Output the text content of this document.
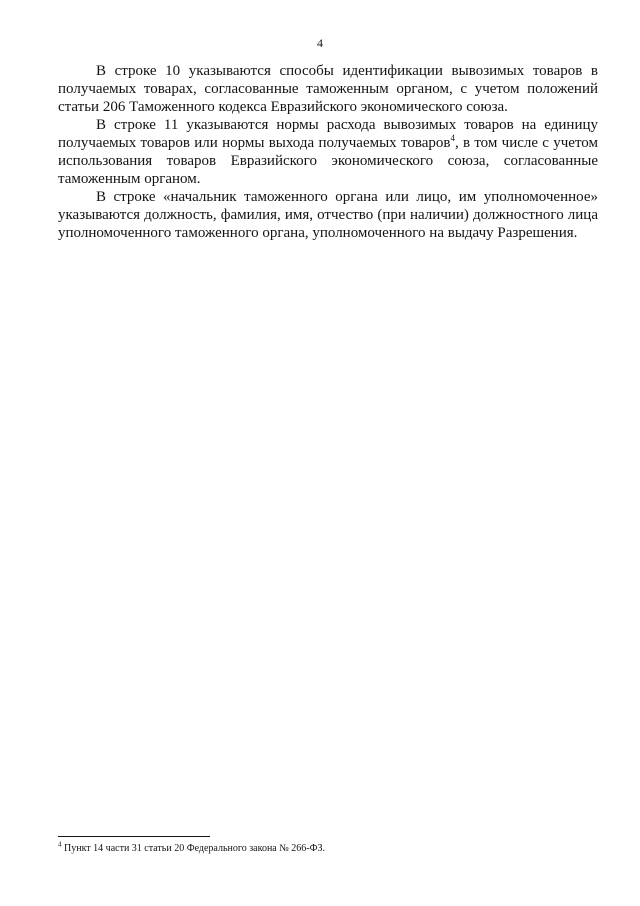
4

В строке 10 указываются способы идентификации вывозимых товаров в получаемых товарах, согласованные таможенным органом, с учетом положений статьи 206 Таможенного кодекса Евразийского экономического союза.

В строке 11 указываются нормы расхода вывозимых товаров на единицу получаемых товаров или нормы выхода получаемых товаров$^4$, в том числе с учетом использования товаров Евразийского экономического союза, согласованные таможенным органом.

В строке «начальник таможенного органа или лицо, им уполномоченное» указываются должность, фамилия, имя, отчество (при наличии) должностного лица уполномоченного таможенного органа, уполномоченного на выдачу Разрешения.

$^4$ Пункт 14 части 31 статьи 20 Федерального закона № 266-ФЗ.
